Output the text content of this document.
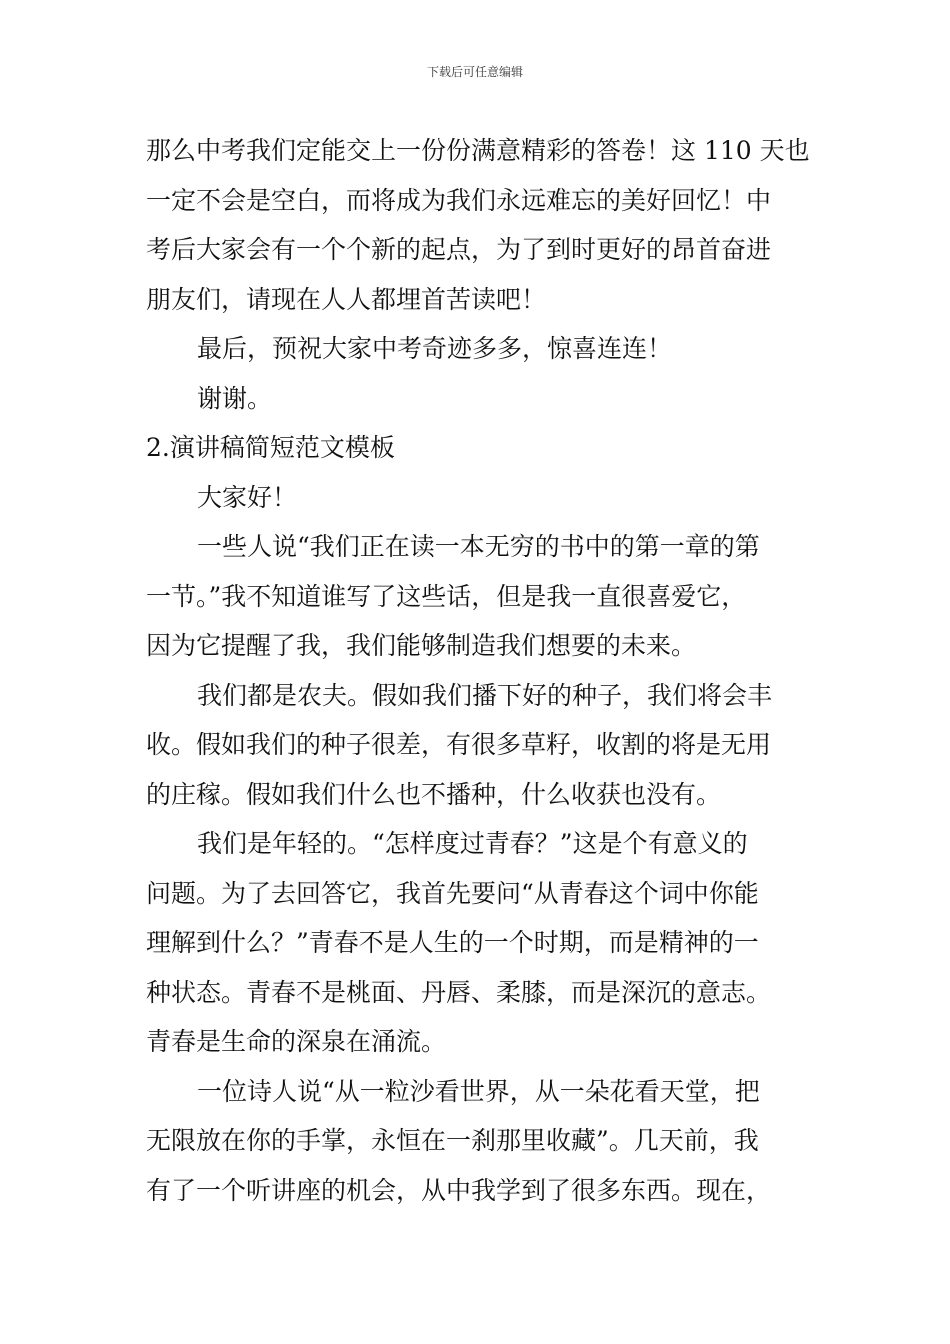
下载后可任意编辑
那么中考我们定能交上一份份满意精彩的答卷！这 110 天也
一定不会是空白，而将成为我们永远难忘的美好回忆！中
考后大家会有一个个新的起点，为了到时更好的昂首奋进
朋友们，请现在人人都埋首苦读吧！
最后，预祝大家中考奇迹多多，惊喜连连！
谢谢。
2.演讲稿简短范文模板
大家好！
一些人说“我们正在读一本无穷的书中的第一章的第
一节。”我不知道谁写了这些话，但是我一直很喜爱它，
因为它提醒了我，我们能够制造我们想要的未来。
我们都是农夫。假如我们播下好的种子，我们将会丰
收。假如我们的种子很差，有很多草籽，收割的将是无用
的庄稼。假如我们什么也不播种，什么收获也没有。
我们是年轻的。“怎样度过青春？”这是个有意义的
问题。为了去回答它，我首先要问“从青春这个词中你能
理解到什么？”青春不是人生的一个时期，而是精神的一
种状态。青春不是桃面、丹唇、柔膝，而是深沉的意志。
青春是生命的深泉在涌流。
一位诗人说“从一粒沙看世界，从一朵花看天堂，把
无限放在你的手掌，永恒在一刹那里收藏”。几天前，我
有了一个听讲座的机会，从中我学到了很多东西。现在，
